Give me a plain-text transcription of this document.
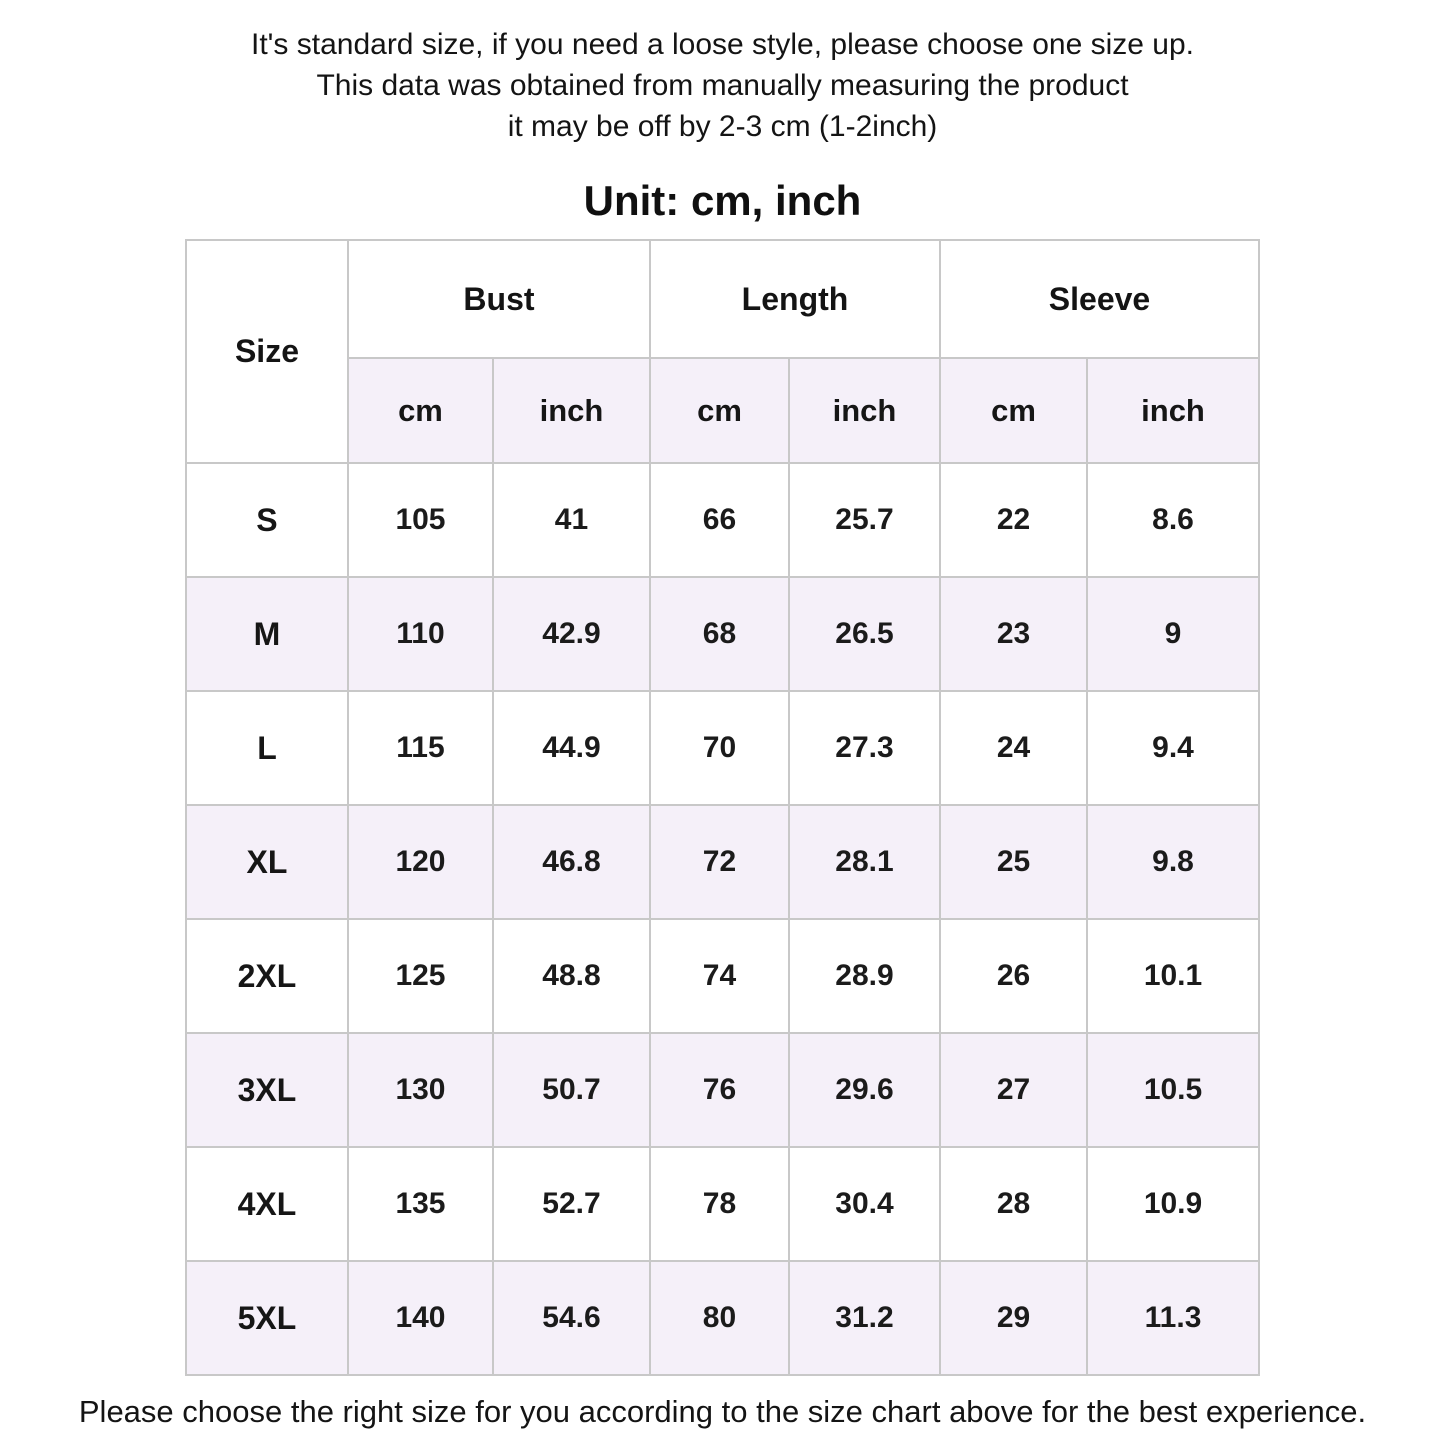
It's standard size, if you need a loose style, please choose one size up.
This data was obtained from manually measuring the product
it may be off by 2-3 cm (1-2inch)
Unit: cm, inch
Size	Bust		Length		Sleeve	
	cm	inch	cm	inch	cm	inch
S	105	41	66	25.7	22	8.6
M	110	42.9	68	26.5	23	9
L	115	44.9	70	27.3	24	9.4
XL	120	46.8	72	28.1	25	9.8
2XL	125	48.8	74	28.9	26	10.1
3XL	130	50.7	76	29.6	27	10.5
4XL	135	52.7	78	30.4	28	10.9
5XL	140	54.6	80	31.2	29	11.3

Please choose the right size for you according to the size chart above for the best experience.
